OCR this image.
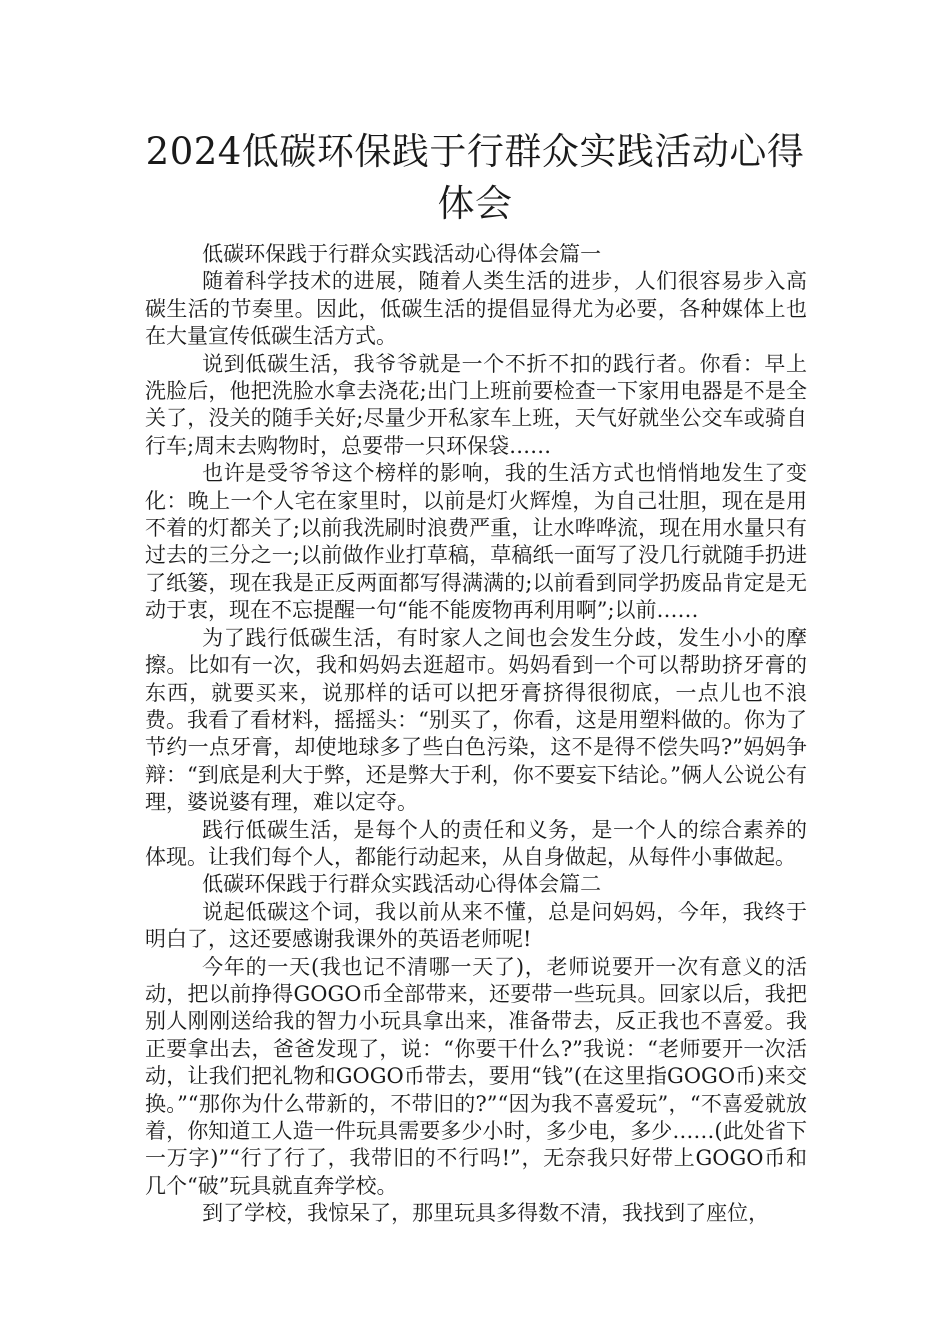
2024低碳环保践于行群众实践活动心得体会

低碳环保践于行群众实践活动心得体会篇一

随着科学技术的进展，随着人类生活的进步，人们很容易步入高碳生活的节奏里。因此，低碳生活的提倡显得尤为必要，各种媒体上也在大量宣传低碳生活方式。

说到低碳生活，我爷爷就是一个不折不扣的践行者。你看：早上洗脸后，他把洗脸水拿去浇花;出门上班前要检查一下家用电器是不是全关了，没关的随手关好;尽量少开私家车上班，天气好就坐公交车或骑自行车;周末去购物时，总要带一只环保袋……

也许是受爷爷这个榜样的影响，我的生活方式也悄悄地发生了变化：晚上一个人宅在家里时，以前是灯火辉煌，为自己壮胆，现在是用不着的灯都关了;以前我洗刷时浪费严重，让水哗哗流，现在用水量只有过去的三分之一;以前做作业打草稿，草稿纸一面写了没几行就随手扔进了纸篓，现在我是正反两面都写得满满的;以前看到同学扔废品肯定是无动于衷，现在不忘提醒一句“能不能废物再利用啊”;以前……

为了践行低碳生活，有时家人之间也会发生分歧，发生小小的摩擦。比如有一次，我和妈妈去逛超市。妈妈看到一个可以帮助挤牙膏的东西，就要买来，说那样的话可以把牙膏挤得很彻底，一点儿也不浪费。我看了看材料，摇摇头：“别买了，你看，这是用塑料做的。你为了节约一点牙膏，却使地球多了些白色污染，这不是得不偿失吗?”妈妈争辩：“到底是利大于弊，还是弊大于利，你不要妄下结论。”俩人公说公有理，婆说婆有理，难以定夺。

践行低碳生活，是每个人的责任和义务，是一个人的综合素养的体现。让我们每个人，都能行动起来，从自身做起，从每件小事做起。

低碳环保践于行群众实践活动心得体会篇二

说起低碳这个词，我以前从来不懂，总是问妈妈，今年，我终于明白了，这还要感谢我课外的英语老师呢!

今年的一天(我也记不清哪一天了)，老师说要开一次有意义的活动，把以前挣得GOGO币全部带来，还要带一些玩具。回家以后，我把别人刚刚送给我的智力小玩具拿出来，准备带去，反正我也不喜爱。我正要拿出去，爸爸发现了，说：“你要干什么?”我说：“老师要开一次活动，让我们把礼物和GOGO币带去，要用“钱”(在这里指GOGO币)来交换。”“那你为什么带新的，不带旧的?”“因为我不喜爱玩”，“不喜爱就放着，你知道工人造一件玩具需要多少小时，多少电，多少……(此处省下一万字)”“行了行了，我带旧的不行吗!”，无奈我只好带上GOGO币和几个“破”玩具就直奔学校。

到了学校，我惊呆了，那里玩具多得数不清，我找到了座位，
